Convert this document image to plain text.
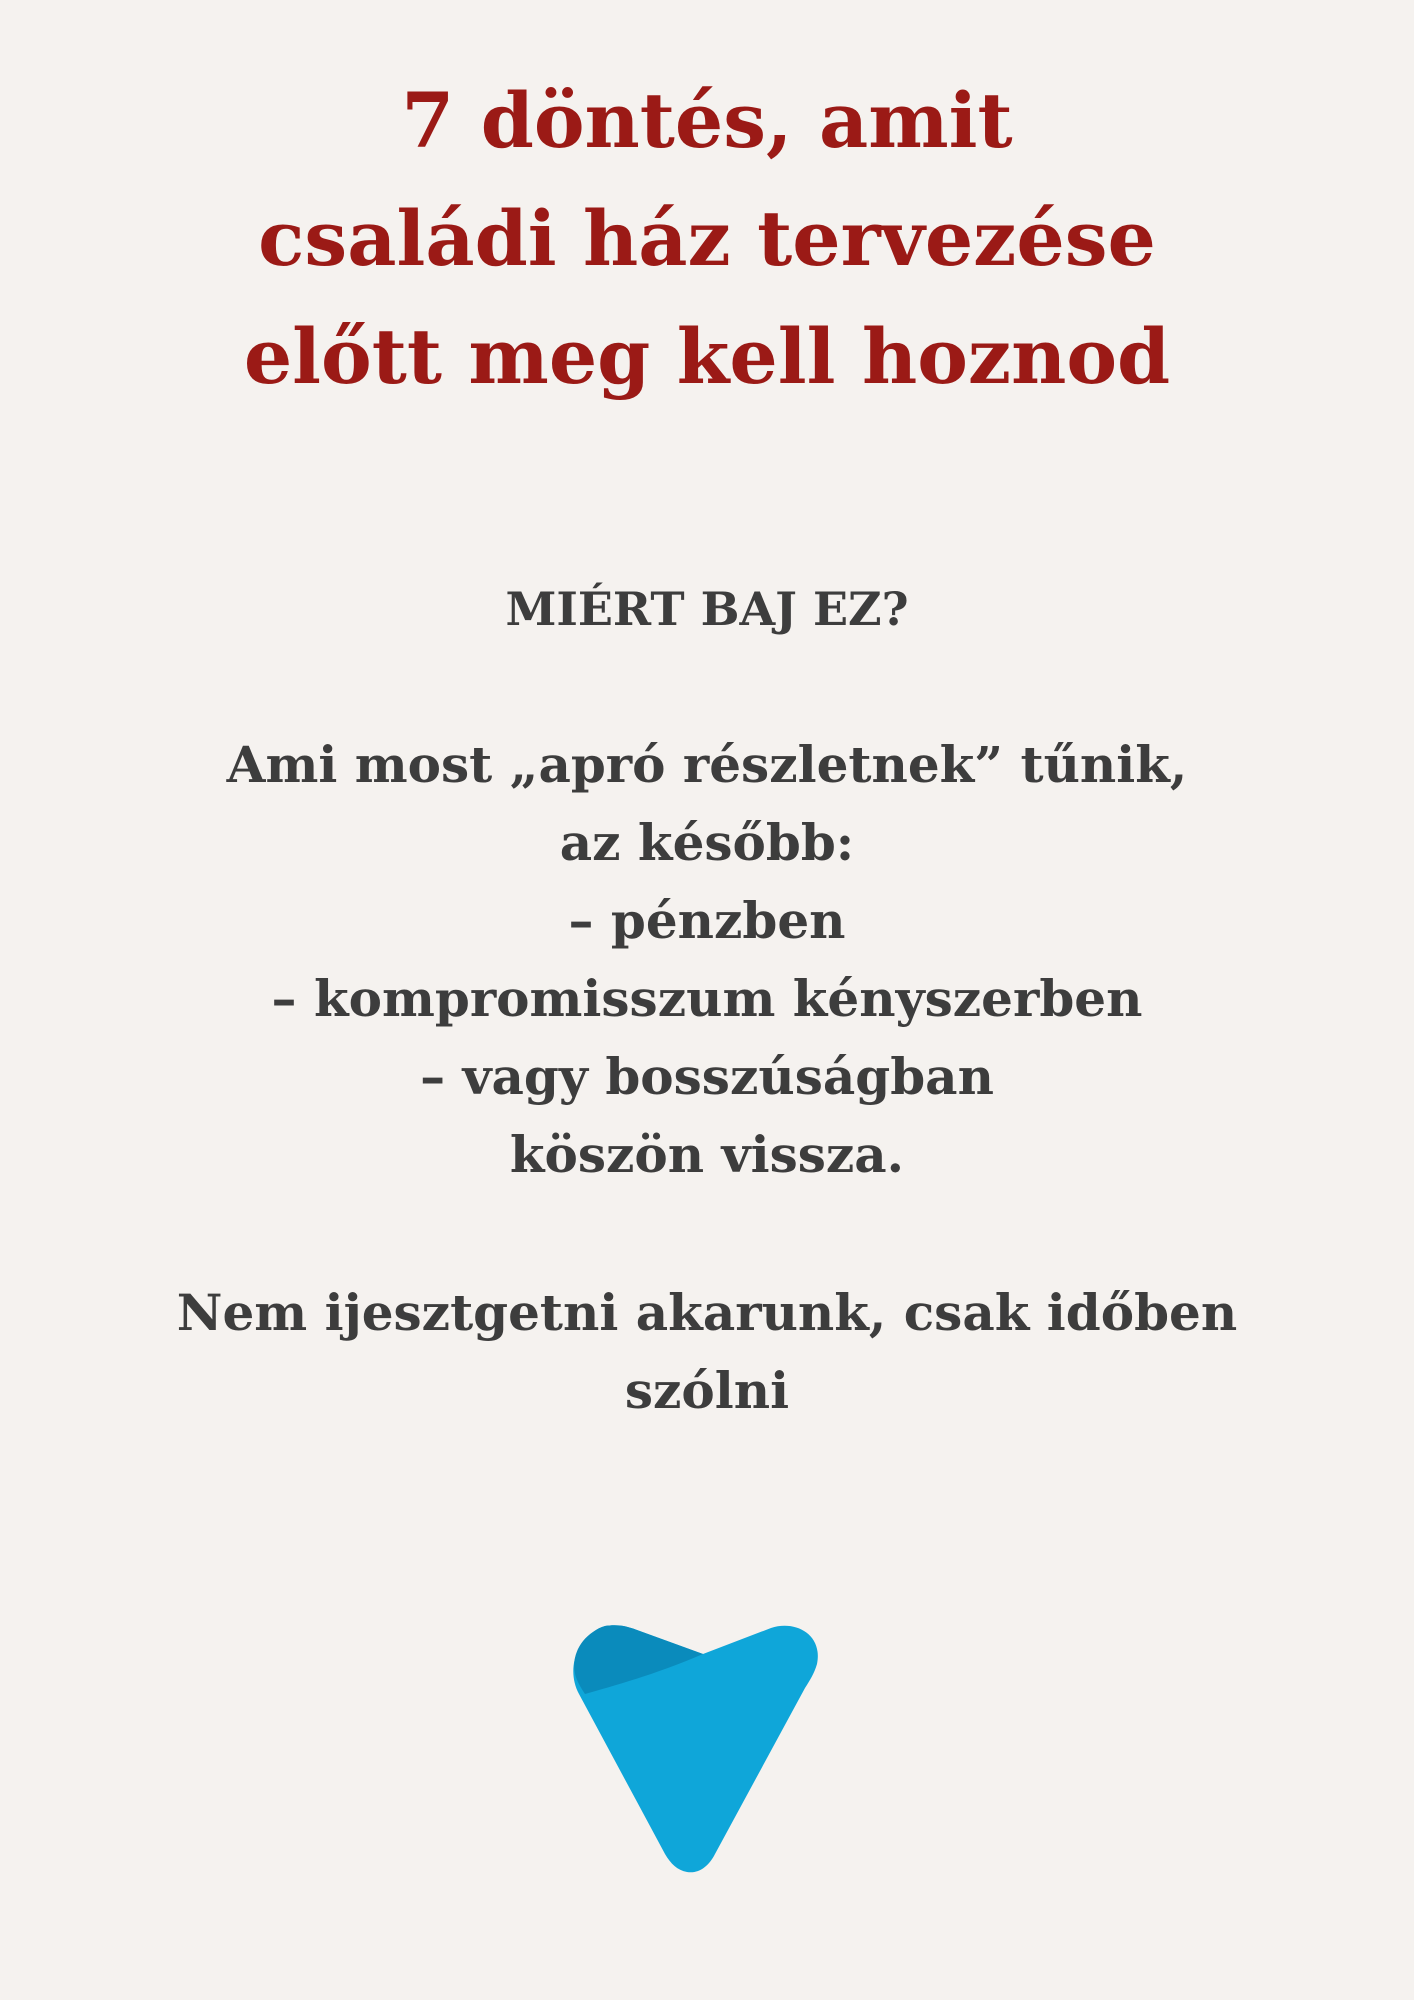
7 döntés, amit
családi ház tervezése
előtt meg kell hoznod
MIÉRT BAJ EZ?
Ami most „apró részletnek” tűnik,
az később:
– pénzben
– kompromisszum kényszerben
– vagy bosszúságban
köszön vissza.
Nem ijesztgetni akarunk, csak időben
szólni
